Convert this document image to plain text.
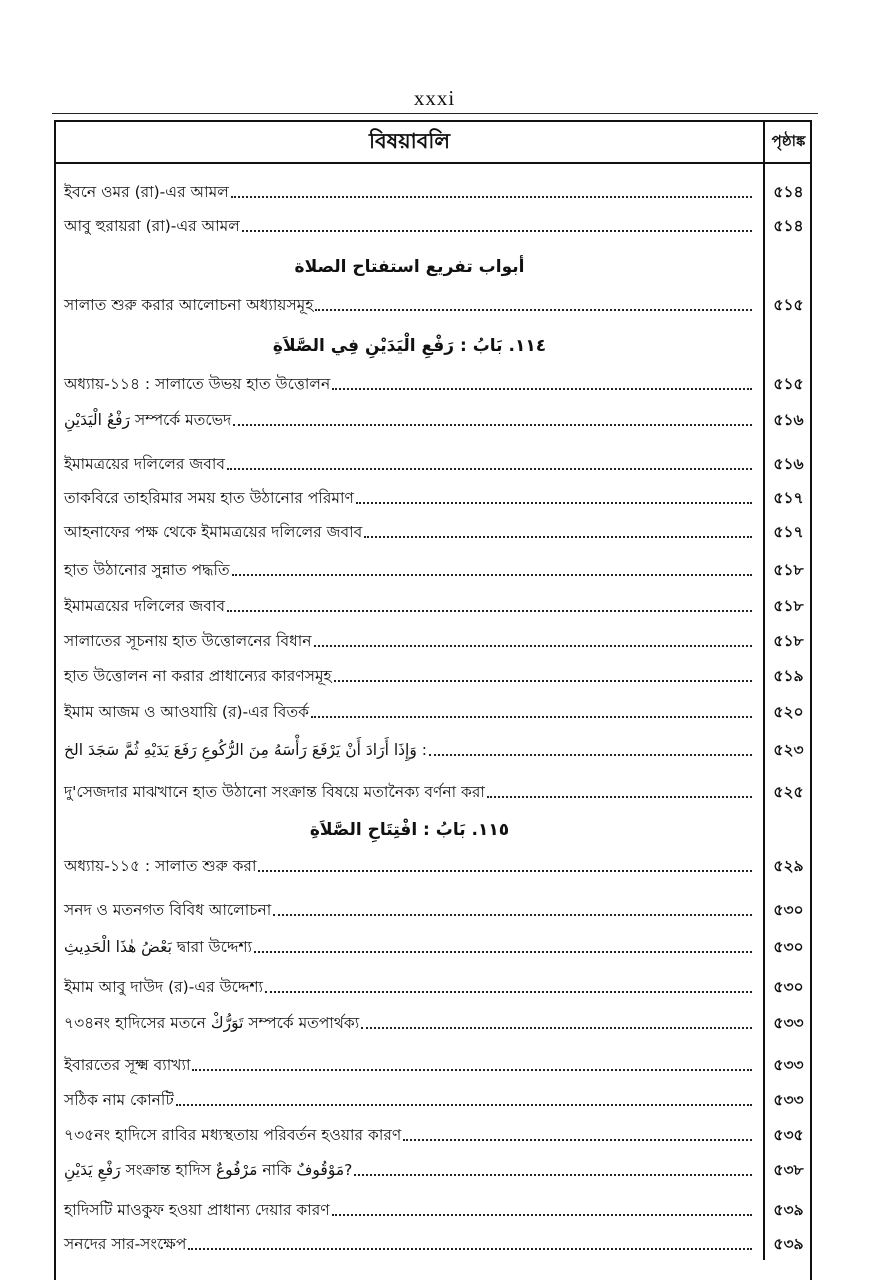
xxxi
বিষয়াবলি	পৃষ্ঠাঙ্ক
ইবনে ওমর (রা)-এর আমল	৫১৪
আবু হুরায়রা (রা)-এর আমল	৫১৪
أبواب تفريع استفتاح الصلاة
সালাত শুরু করার আলোচনা অধ্যায়সমূহ	৫১৫
١١٤. بَابُ : رَفْعِ الْيَدَيْنِ فِي الصَّلاَةِ
অধ্যায়-১১৪ : সালাতে উভয় হাত উত্তোলন	৫১৫
رَفْعُ الْيَدَيْنِ সম্পর্কে মতভেদ	৫১৬
ইমামত্রয়ের দলিলের জবাব	৫১৬
তাকবিরে তাহরিমার সময় হাত উঠানোর পরিমাণ	৫১৭
আহনাফের পক্ষ থেকে ইমামত্রয়ের দলিলের জবাব	৫১৭
হাত উঠানোর সুন্নাত পদ্ধতি	৫১৮
ইমামত্রয়ের দলিলের জবাব	৫১৮
সালাতের সূচনায় হাত উত্তোলনের বিধান	৫১৮
হাত উত্তোলন না করার প্রাধান্যের কারণসমূহ	৫১৯
ইমাম আজম ও আওযায়ি (র)-এর বিতর্ক	৫২০
وَإِذَا أَرَادَ أَنْ يَرْفَعَ رَأْسَهُ مِنَ الرُّكُوعِ رَفَعَ يَدَيْهِ ثُمَّ سَجَدَ الخ :	৫২৩
দু'সেজদার মাঝখানে হাত উঠানো সংক্রান্ত বিষয়ে মতানৈক্য বর্ণনা করা	৫২৫
١١٥. بَابُ : افْتِتَاحِ الصَّلاَةِ
অধ্যায়-১১৫ : সালাত শুরু করা	৫২৯
সনদ ও মতনগত বিবিধ আলোচনা	৫৩০
بَعْضُ هٰذَا الْحَدِيثِ দ্বারা উদ্দেশ্য	৫৩০
ইমাম আবু দাউদ (র)-এর উদ্দেশ্য	৫৩০
৭৩৪নং হাদিসের মতনে تَوَرُّكْ সম্পর্কে মতপার্থক্য	৫৩৩
ইবারতের সূক্ষ্ম ব্যাখ্যা	৫৩৩
সঠিক নাম কোনটি	৫৩৩
৭৩৫নং হাদিসে রাবির মধ্যস্থতায় পরিবর্তন হওয়ার কারণ	৫৩৫
رَفْعِ يَدَيْنِ সংক্রান্ত হাদিস مَرْفُوعٌ নাকি مَوْقُوفٌ?	৫৩৮
হাদিসটি মাওকুফ হওয়া প্রাধান্য দেয়ার কারণ	৫৩৯
সনদের সার-সংক্ষেপ	৫৩৯
